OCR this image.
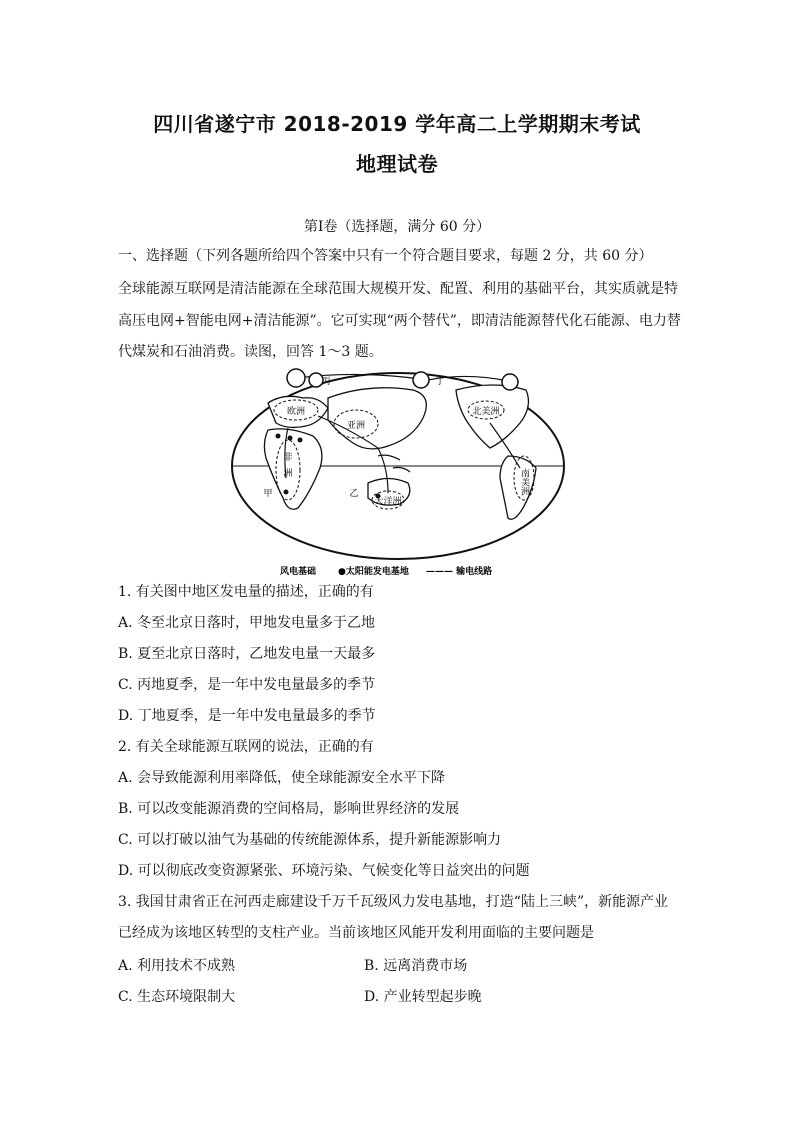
四川省遂宁市 2018-2019 学年高二上学期期末考试
地理试卷
第Ⅰ卷（选择题，满分 60 分）
一、选择题（下列各题所给四个答案中只有一个符合题目要求，每题 2 分，共 60 分）
全球能源互联网是清洁能源在全球范围大规模开发、配置、利用的基础平台，其实质就是特
高压电网+智能电网+清洁能源”。它可实现“两个替代”，即清洁能源替代化石能源、电力替
代煤炭和石油消费。读图，回答 1～3 题。
丙	丁
欧洲
亚洲
非
洲
北美洲
南美洲
大洋洲
甲	乙
风电基础 ●太阳能发电基地 ——— 输电线路
1. 有关图中地区发电量的描述，正确的有
A. 冬至北京日落时，甲地发电量多于乙地
B. 夏至北京日落时，乙地发电量一天最多
C. 丙地夏季，是一年中发电量最多的季节
D. 丁地夏季，是一年中发电量最多的季节
2. 有关全球能源互联网的说法，正确的有
A. 会导致能源利用率降低，使全球能源安全水平下降
B. 可以改变能源消费的空间格局，影响世界经济的发展
C. 可以打破以油气为基础的传统能源体系，提升新能源影响力
D. 可以彻底改变资源紧张、环境污染、气候变化等日益突出的问题
3. 我国甘肃省正在河西走廊建设千万千瓦级风力发电基地，打造“陆上三峡”，新能源产业
已经成为该地区转型的支柱产业。当前该地区风能开发利用面临的主要问题是
A. 利用技术不成熟	B. 远离消费市场
C. 生态环境限制大	D. 产业转型起步晚
